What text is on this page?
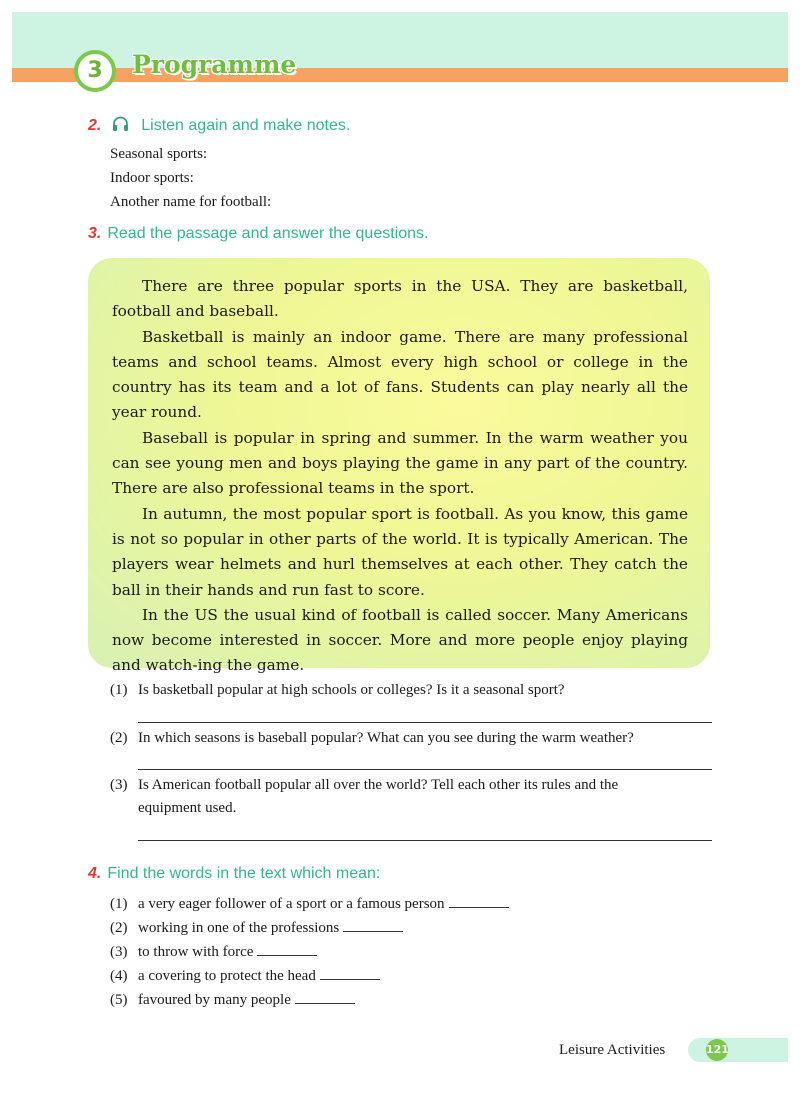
3	Programme
2. Listen again and make notes.
Seasonal sports:
Indoor sports:
Another name for football:
3. Read the passage and answer the questions.

There are three popular sports in the USA. They are basketball, football and baseball.

Basketball is mainly an indoor game. There are many professional teams and school teams. Almost every high school or college in the country has its team and a lot of fans. Students can play nearly all the year round.

Baseball is popular in spring and summer. In the warm weather you can see young men and boys playing the game in any part of the country. There are also professional teams in the sport.

In autumn, the most popular sport is football. As you know, this game is not so popular in other parts of the world. It is typically American. The players wear helmets and hurl themselves at each other. They catch the ball in their hands and run fast to score.

In the US the usual kind of football is called soccer. Many Americans now become interested in soccer. More and more people enjoy playing and watch-ing the game.

(1) Is basketball popular at high schools or colleges? Is it a seasonal sport?
(2) In which seasons is baseball popular? What can you see during the warm weather?
(3) Is American football popular all over the world? Tell each other its rules and the equipment used.
4. Find the words in the text which mean:
(1) a very eager follower of a sport or a famous person
(2) working in one of the professions
(3) to throw with force
(4) a covering to protect the head
(5) favoured by many people
Leisure Activities	121
